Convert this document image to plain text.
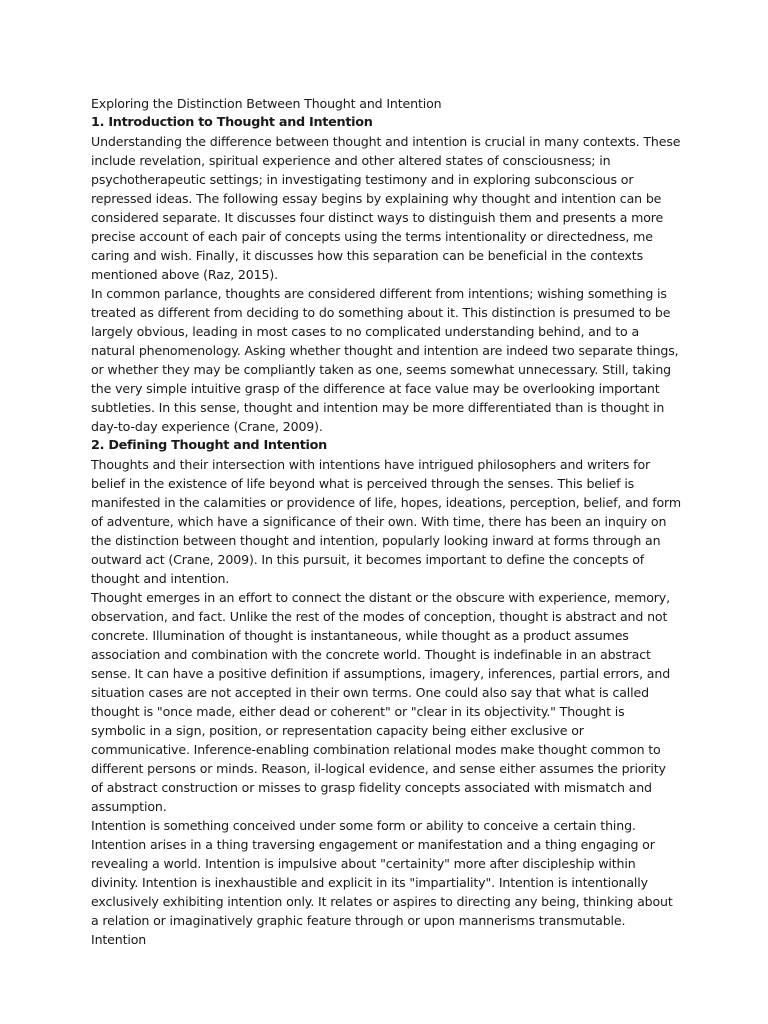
Exploring the Distinction Between Thought and Intention

1. Introduction to Thought and Intention

Understanding the difference between thought and intention is crucial in many contexts. These include revelation, spiritual experience and other altered states of consciousness; in psychotherapeutic settings; in investigating testimony and in exploring subconscious or repressed ideas. The following essay begins by explaining why thought and intention can be considered separate. It discusses four distinct ways to distinguish them and presents a more precise account of each pair of concepts using the terms intentionality or directedness, me caring and wish. Finally, it discusses how this separation can be beneficial in the contexts mentioned above (Raz, 2015).

In common parlance, thoughts are considered different from intentions; wishing something is treated as different from deciding to do something about it. This distinction is presumed to be largely obvious, leading in most cases to no complicated understanding behind, and to a natural phenomenology. Asking whether thought and intention are indeed two separate things, or whether they may be compliantly taken as one, seems somewhat unnecessary. Still, taking the very simple intuitive grasp of the difference at face value may be overlooking important subtleties. In this sense, thought and intention may be more differentiated than is thought in day-to-day experience (Crane, 2009).

2. Defining Thought and Intention

Thoughts and their intersection with intentions have intrigued philosophers and writers for belief in the existence of life beyond what is perceived through the senses. This belief is manifested in the calamities or providence of life, hopes, ideations, perception, belief, and form of adventure, which have a significance of their own. With time, there has been an inquiry on the distinction between thought and intention, popularly looking inward at forms through an outward act (Crane, 2009). In this pursuit, it becomes important to define the concepts of thought and intention.

Thought emerges in an effort to connect the distant or the obscure with experience, memory, observation, and fact. Unlike the rest of the modes of conception, thought is abstract and not concrete. Illumination of thought is instantaneous, while thought as a product assumes association and combination with the concrete world. Thought is indefinable in an abstract sense. It can have a positive definition if assumptions, imagery, inferences, partial errors, and situation cases are not accepted in their own terms. One could also say that what is called thought is "once made, either dead or coherent" or "clear in its objectivity." Thought is symbolic in a sign, position, or representation capacity being either exclusive or communicative. Inference-enabling combination relational modes make thought common to different persons or minds. Reason, il-logical evidence, and sense either assumes the priority of abstract construction or misses to grasp fidelity concepts associated with mismatch and assumption.

Intention is something conceived under some form or ability to conceive a certain thing. Intention arises in a thing traversing engagement or manifestation and a thing engaging or revealing a world. Intention is impulsive about "certainity" more after discipleship within divinity. Intention is inexhaustible and explicit in its "impartiality". Intention is intentionally exclusively exhibiting intention only. It relates or aspires to directing any being, thinking about a relation or imaginatively graphic feature through or upon mannerisms transmutable. Intention
